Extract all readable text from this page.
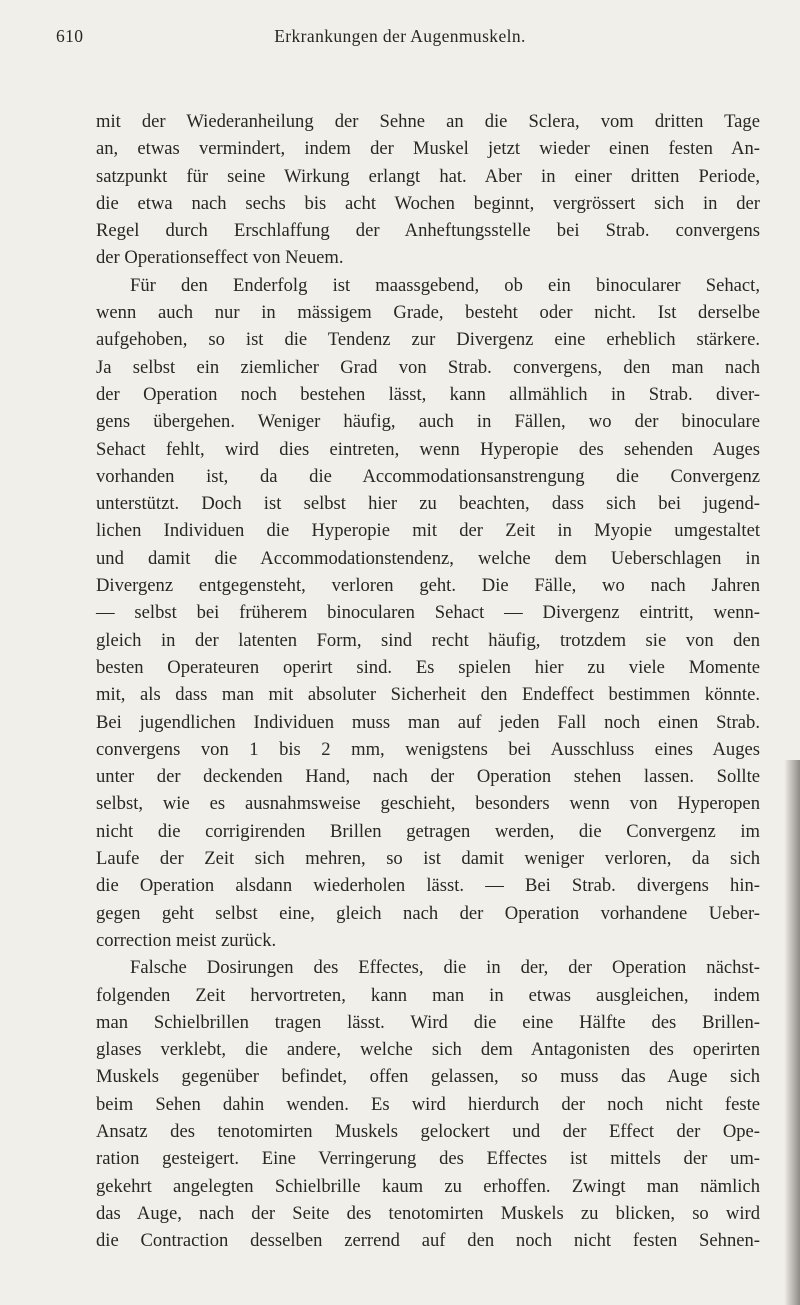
610	Erkrankungen der Augenmuskeln.
mit der Wiederanheilung der Sehne an die Sclera, vom dritten Tage
an, etwas vermindert, indem der Muskel jetzt wieder einen festen An-
satzpunkt für seine Wirkung erlangt hat. Aber in einer dritten Periode,
die etwa nach sechs bis acht Wochen beginnt, vergrössert sich in der
Regel durch Erschlaffung der Anheftungsstelle bei Strab. convergens
der Operationseffect von Neuem.
Für den Enderfolg ist maassgebend, ob ein binocularer Sehact,
wenn auch nur in mässigem Grade, besteht oder nicht. Ist derselbe
aufgehoben, so ist die Tendenz zur Divergenz eine erheblich stärkere.
Ja selbst ein ziemlicher Grad von Strab. convergens, den man nach
der Operation noch bestehen lässt, kann allmählich in Strab. diver-
gens übergehen. Weniger häufig, auch in Fällen, wo der binoculare
Sehact fehlt, wird dies eintreten, wenn Hyperopie des sehenden Auges
vorhanden ist, da die Accommodationsanstrengung die Convergenz
unterstützt. Doch ist selbst hier zu beachten, dass sich bei jugend-
lichen Individuen die Hyperopie mit der Zeit in Myopie umgestaltet
und damit die Accommodationstendenz, welche dem Ueberschlagen in
Divergenz entgegensteht, verloren geht. Die Fälle, wo nach Jahren
— selbst bei früherem binocularen Sehact — Divergenz eintritt, wenn-
gleich in der latenten Form, sind recht häufig, trotzdem sie von den
besten Operateuren operirt sind. Es spielen hier zu viele Momente
mit, als dass man mit absoluter Sicherheit den Endeffect bestimmen könnte.
Bei jugendlichen Individuen muss man auf jeden Fall noch einen Strab.
convergens von 1 bis 2 mm, wenigstens bei Ausschluss eines Auges
unter der deckenden Hand, nach der Operation stehen lassen. Sollte
selbst, wie es ausnahmsweise geschieht, besonders wenn von Hyperopen
nicht die corrigirenden Brillen getragen werden, die Convergenz im
Laufe der Zeit sich mehren, so ist damit weniger verloren, da sich
die Operation alsdann wiederholen lässt. — Bei Strab. divergens hin-
gegen geht selbst eine, gleich nach der Operation vorhandene Ueber-
correction meist zurück.
Falsche Dosirungen des Effectes, die in der, der Operation nächst-
folgenden Zeit hervortreten, kann man in etwas ausgleichen, indem
man Schielbrillen tragen lässt. Wird die eine Hälfte des Brillen-
glases verklebt, die andere, welche sich dem Antagonisten des operirten
Muskels gegenüber befindet, offen gelassen, so muss das Auge sich
beim Sehen dahin wenden. Es wird hierdurch der noch nicht feste
Ansatz des tenotomirten Muskels gelockert und der Effect der Ope-
ration gesteigert. Eine Verringerung des Effectes ist mittels der um-
gekehrt angelegten Schielbrille kaum zu erhoffen. Zwingt man nämlich
das Auge, nach der Seite des tenotomirten Muskels zu blicken, so wird
die Contraction desselben zerrend auf den noch nicht festen Sehnen-
